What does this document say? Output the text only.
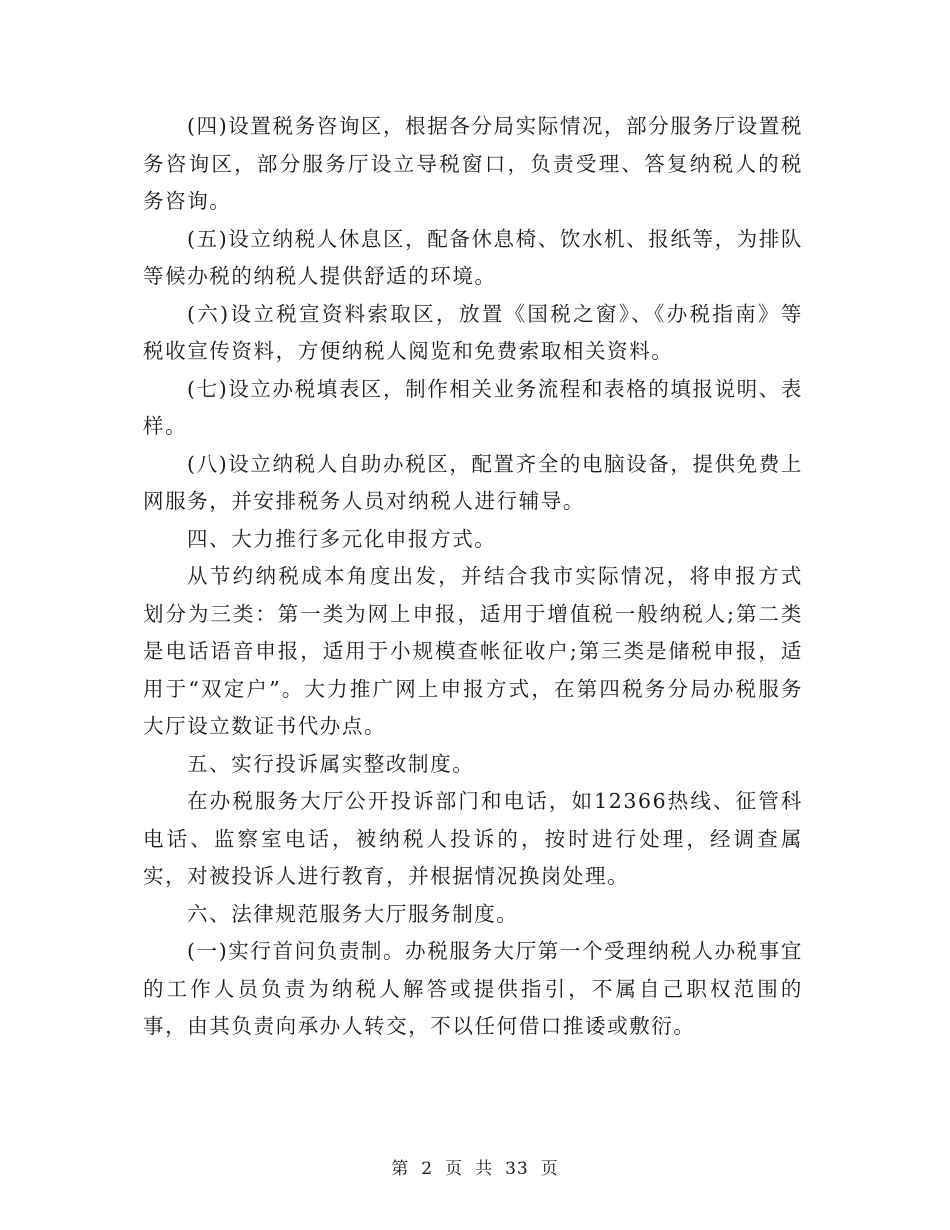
(四)设置税务咨询区，根据各分局实际情况，部分服务厅设置税务咨询区，部分服务厅设立导税窗口，负责受理、答复纳税人的税务咨询。

(五)设立纳税人休息区，配备休息椅、饮水机、报纸等，为排队等候办税的纳税人提供舒适的环境。

(六)设立税宣资料索取区，放置《国税之窗》、《办税指南》等税收宣传资料，方便纳税人阅览和免费索取相关资料。

(七)设立办税填表区，制作相关业务流程和表格的填报说明、表样。

(八)设立纳税人自助办税区，配置齐全的电脑设备，提供免费上网服务，并安排税务人员对纳税人进行辅导。

四、大力推行多元化申报方式。

从节约纳税成本角度出发，并结合我市实际情况，将申报方式划分为三类：第一类为网上申报，适用于增值税一般纳税人;第二类是电话语音申报，适用于小规模查帐征收户;第三类是储税申报，适用于“双定户”。大力推广网上申报方式，在第四税务分局办税服务大厅设立数证书代办点。

五、实行投诉属实整改制度。

在办税服务大厅公开投诉部门和电话，如12366热线、征管科电话、监察室电话，被纳税人投诉的，按时进行处理，经调查属实，对被投诉人进行教育，并根据情况换岗处理。

六、法律规范服务大厅服务制度。

(一)实行首问负责制。办税服务大厅第一个受理纳税人办税事宜的工作人员负责为纳税人解答或提供指引，不属自己职权范围的事，由其负责向承办人转交，不以任何借口推诿或敷衍。

第 2 页 共 33 页
